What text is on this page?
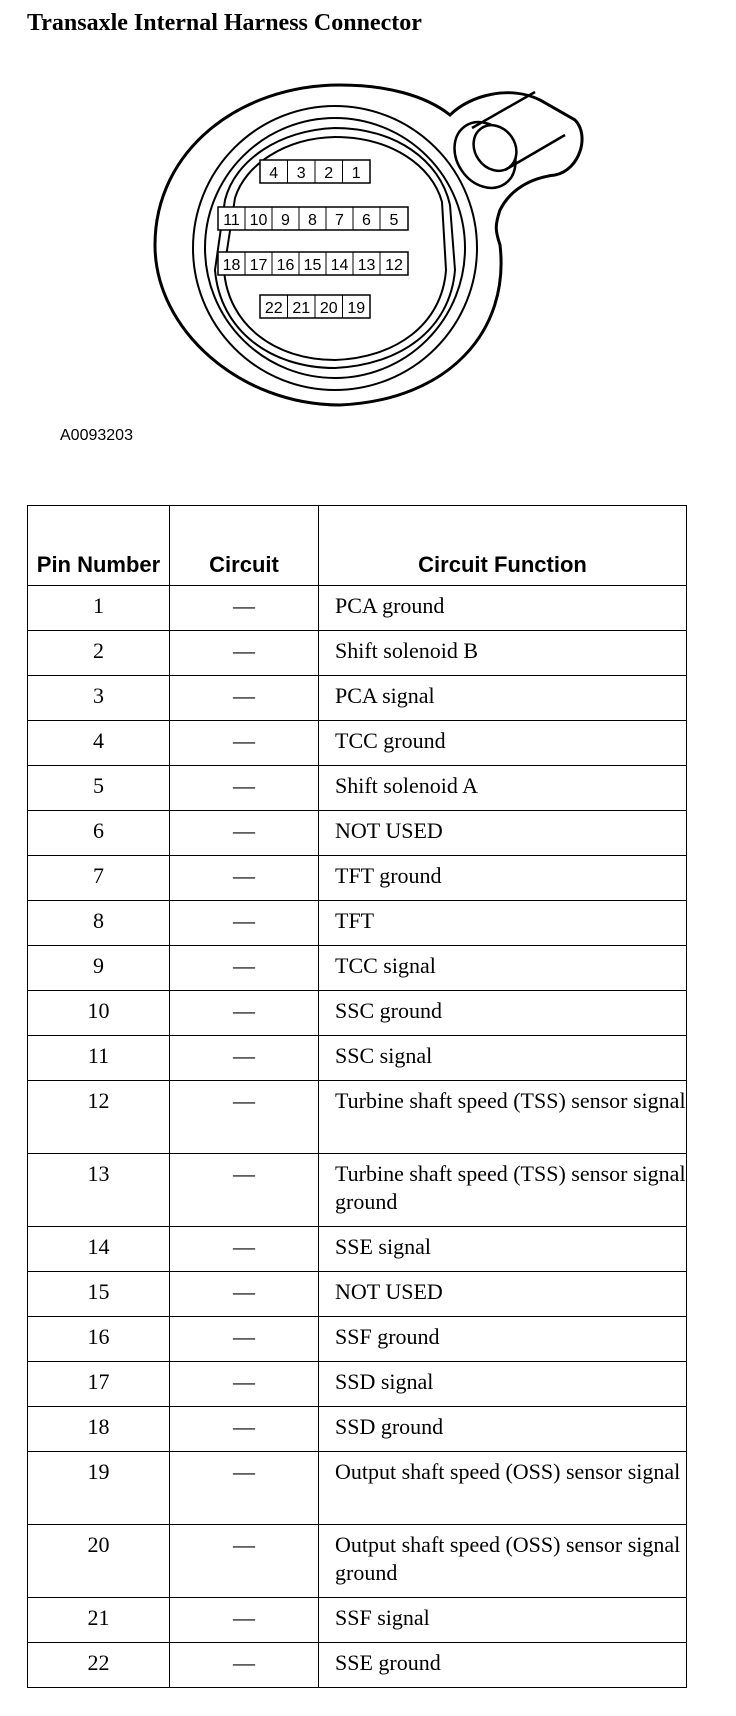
Transaxle Internal Harness Connector
4 3 2 1
11 10 9 8 7 6 5
18 17 16 15 14 13 12
22 21 20 19
A0093203
Pin Number	Circuit	Circuit Function
1	—	PCA ground
2	—	Shift solenoid B
3	—	PCA signal
4	—	TCC ground
5	—	Shift solenoid A
6	—	NOT USED
7	—	TFT ground
8	—	TFT
9	—	TCC signal
10	—	SSC ground
11	—	SSC signal
12	—	Turbine shaft speed (TSS) sensor signal
13	—	Turbine shaft speed (TSS) sensor signal ground
14	—	SSE signal
15	—	NOT USED
16	—	SSF ground
17	—	SSD signal
18	—	SSD ground
19	—	Output shaft speed (OSS) sensor signal
20	—	Output shaft speed (OSS) sensor signal ground
21	—	SSF signal
22	—	SSE ground
